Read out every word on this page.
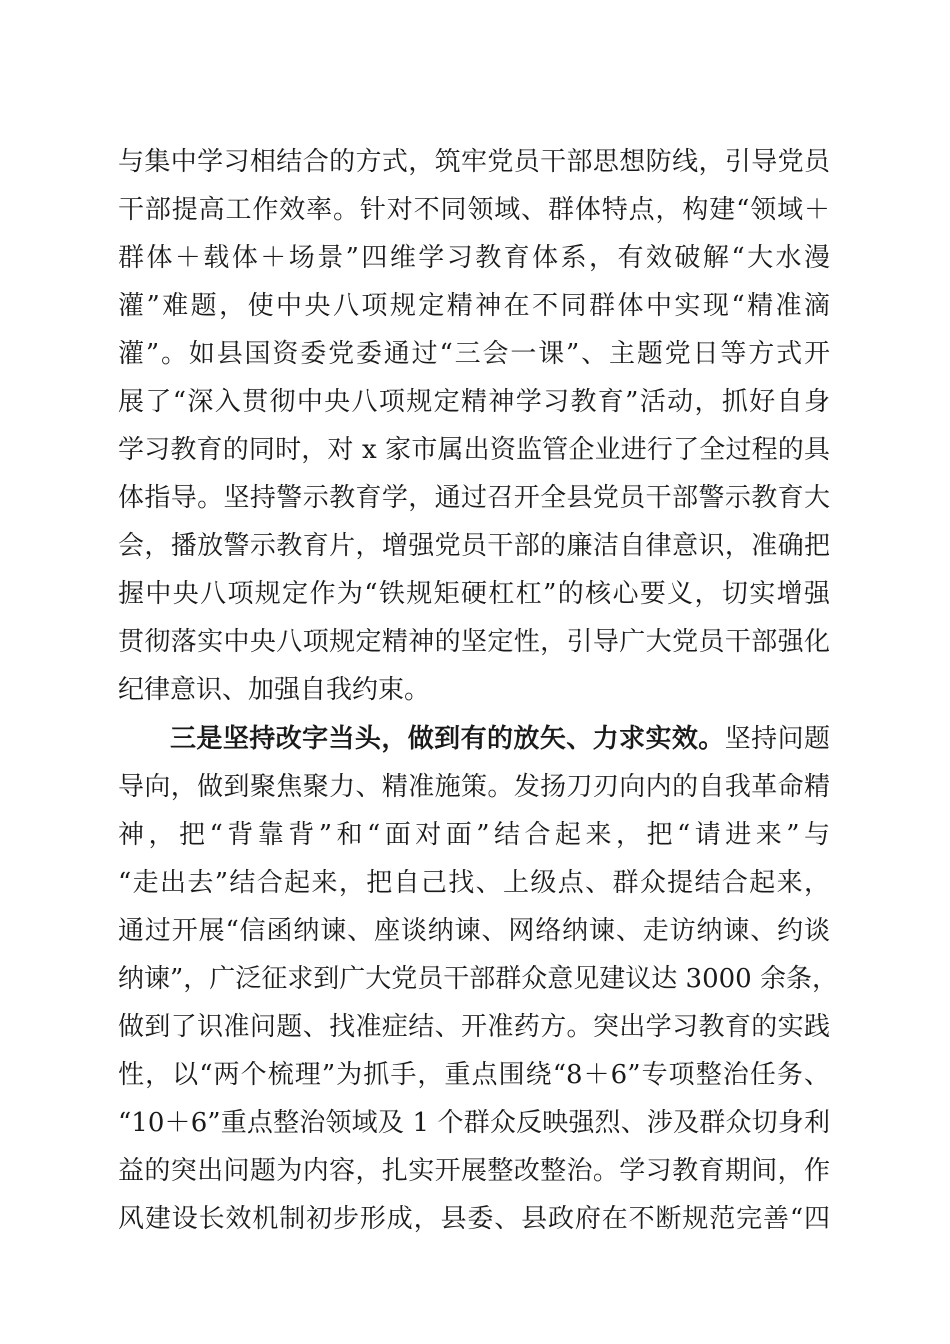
与集中学习相结合的方式，筑牢党员干部思想防线，引导党员
干部提高工作效率。针对不同领域、群体特点，构建“领域＋
群体＋载体＋场景”四维学习教育体系，有效破解“大水漫
灌”难题，使中央八项规定精神在不同群体中实现“精准滴
灌”。如县国资委党委通过“三会一课”、主题党日等方式开
展了“深入贯彻中央八项规定精神学习教育”活动，抓好自身
学习教育的同时，对 x 家市属出资监管企业进行了全过程的具
体指导。坚持警示教育学，通过召开全县党员干部警示教育大
会，播放警示教育片，增强党员干部的廉洁自律意识，准确把
握中央八项规定作为“铁规矩硬杠杠”的核心要义，切实增强
贯彻落实中央八项规定精神的坚定性，引导广大党员干部强化
纪律意识、加强自我约束。
三是坚持改字当头，做到有的放矢、力求实效。坚持问题
导向，做到聚焦聚力、精准施策。发扬刀刃向内的自我革命精
神，把“背靠背”和“面对面”结合起来，把“请进来”与
“走出去”结合起来，把自己找、上级点、群众提结合起来，
通过开展“信函纳谏、座谈纳谏、网络纳谏、走访纳谏、约谈
纳谏”，广泛征求到广大党员干部群众意见建议达 3000 余条，
做到了识准问题、找准症结、开准药方。突出学习教育的实践
性，以“两个梳理”为抓手，重点围绕“8＋6”专项整治任务、
“10＋6”重点整治领域及 1 个群众反映强烈、涉及群众切身利
益的突出问题为内容，扎实开展整改整治。学习教育期间，作
风建设长效机制初步形成，县委、县政府在不断规范完善“四
